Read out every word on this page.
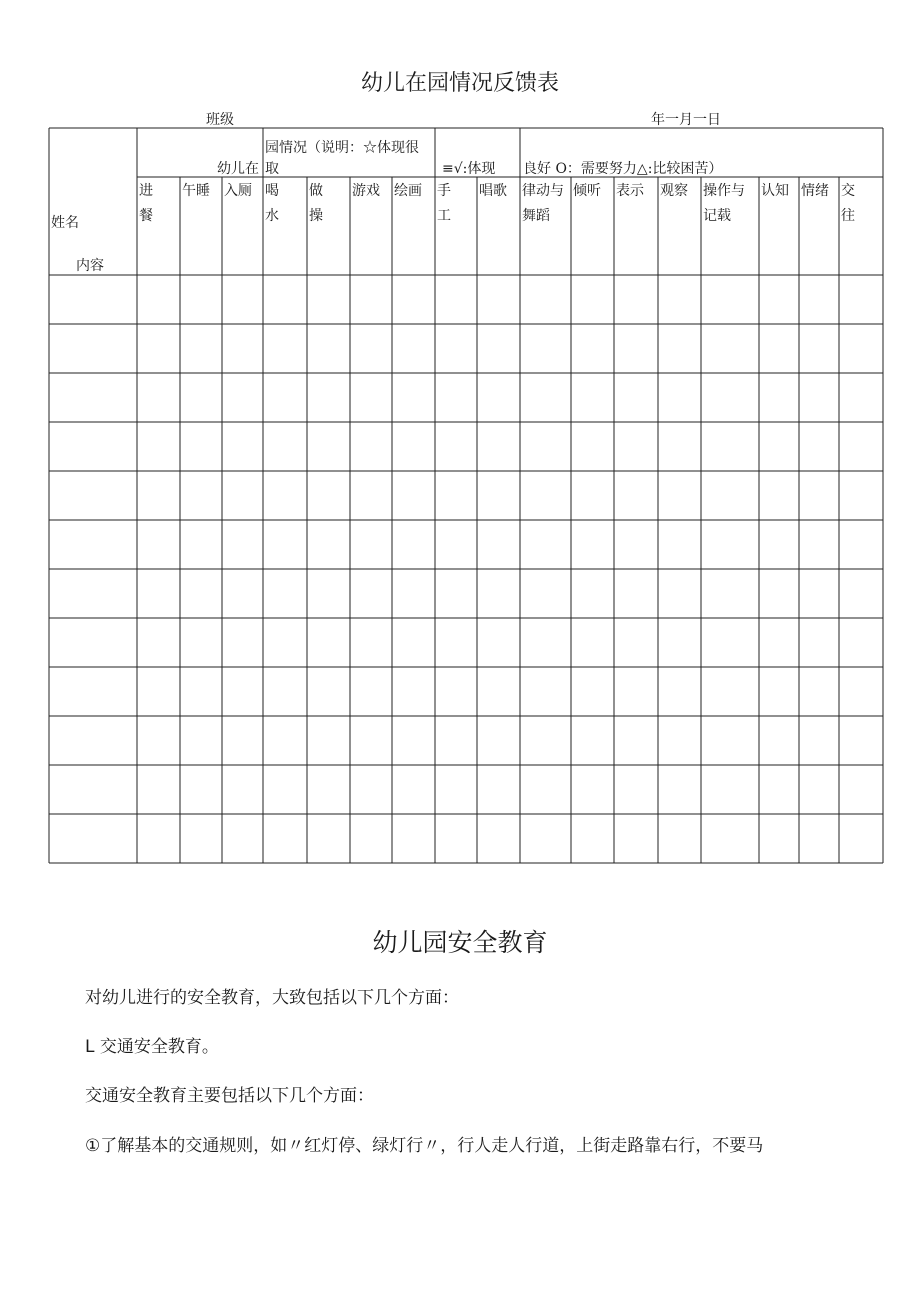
幼儿在园情况反馈表
班级	年一月一日
姓名
内容
幼儿在
园情况（说明：☆体现很
取	≡√:体现 良好 O：需要努力△:比较困苦）
进
餐
午睡 入厕 喝
水
做
操
游戏 绘画 手
工
唱歌 律动与
舞蹈
倾听 表示 观察 操作与
记载
认知 情绪 交
往
幼儿园安全教育
对幼儿进行的安全教育，大致包括以下几个方面：
L 交通安全教育。
交通安全教育主要包括以下几个方面：
①了解基本的交通规则，如〃红灯停、绿灯行〃，行人走人行道，上街走路靠右行，不要马
